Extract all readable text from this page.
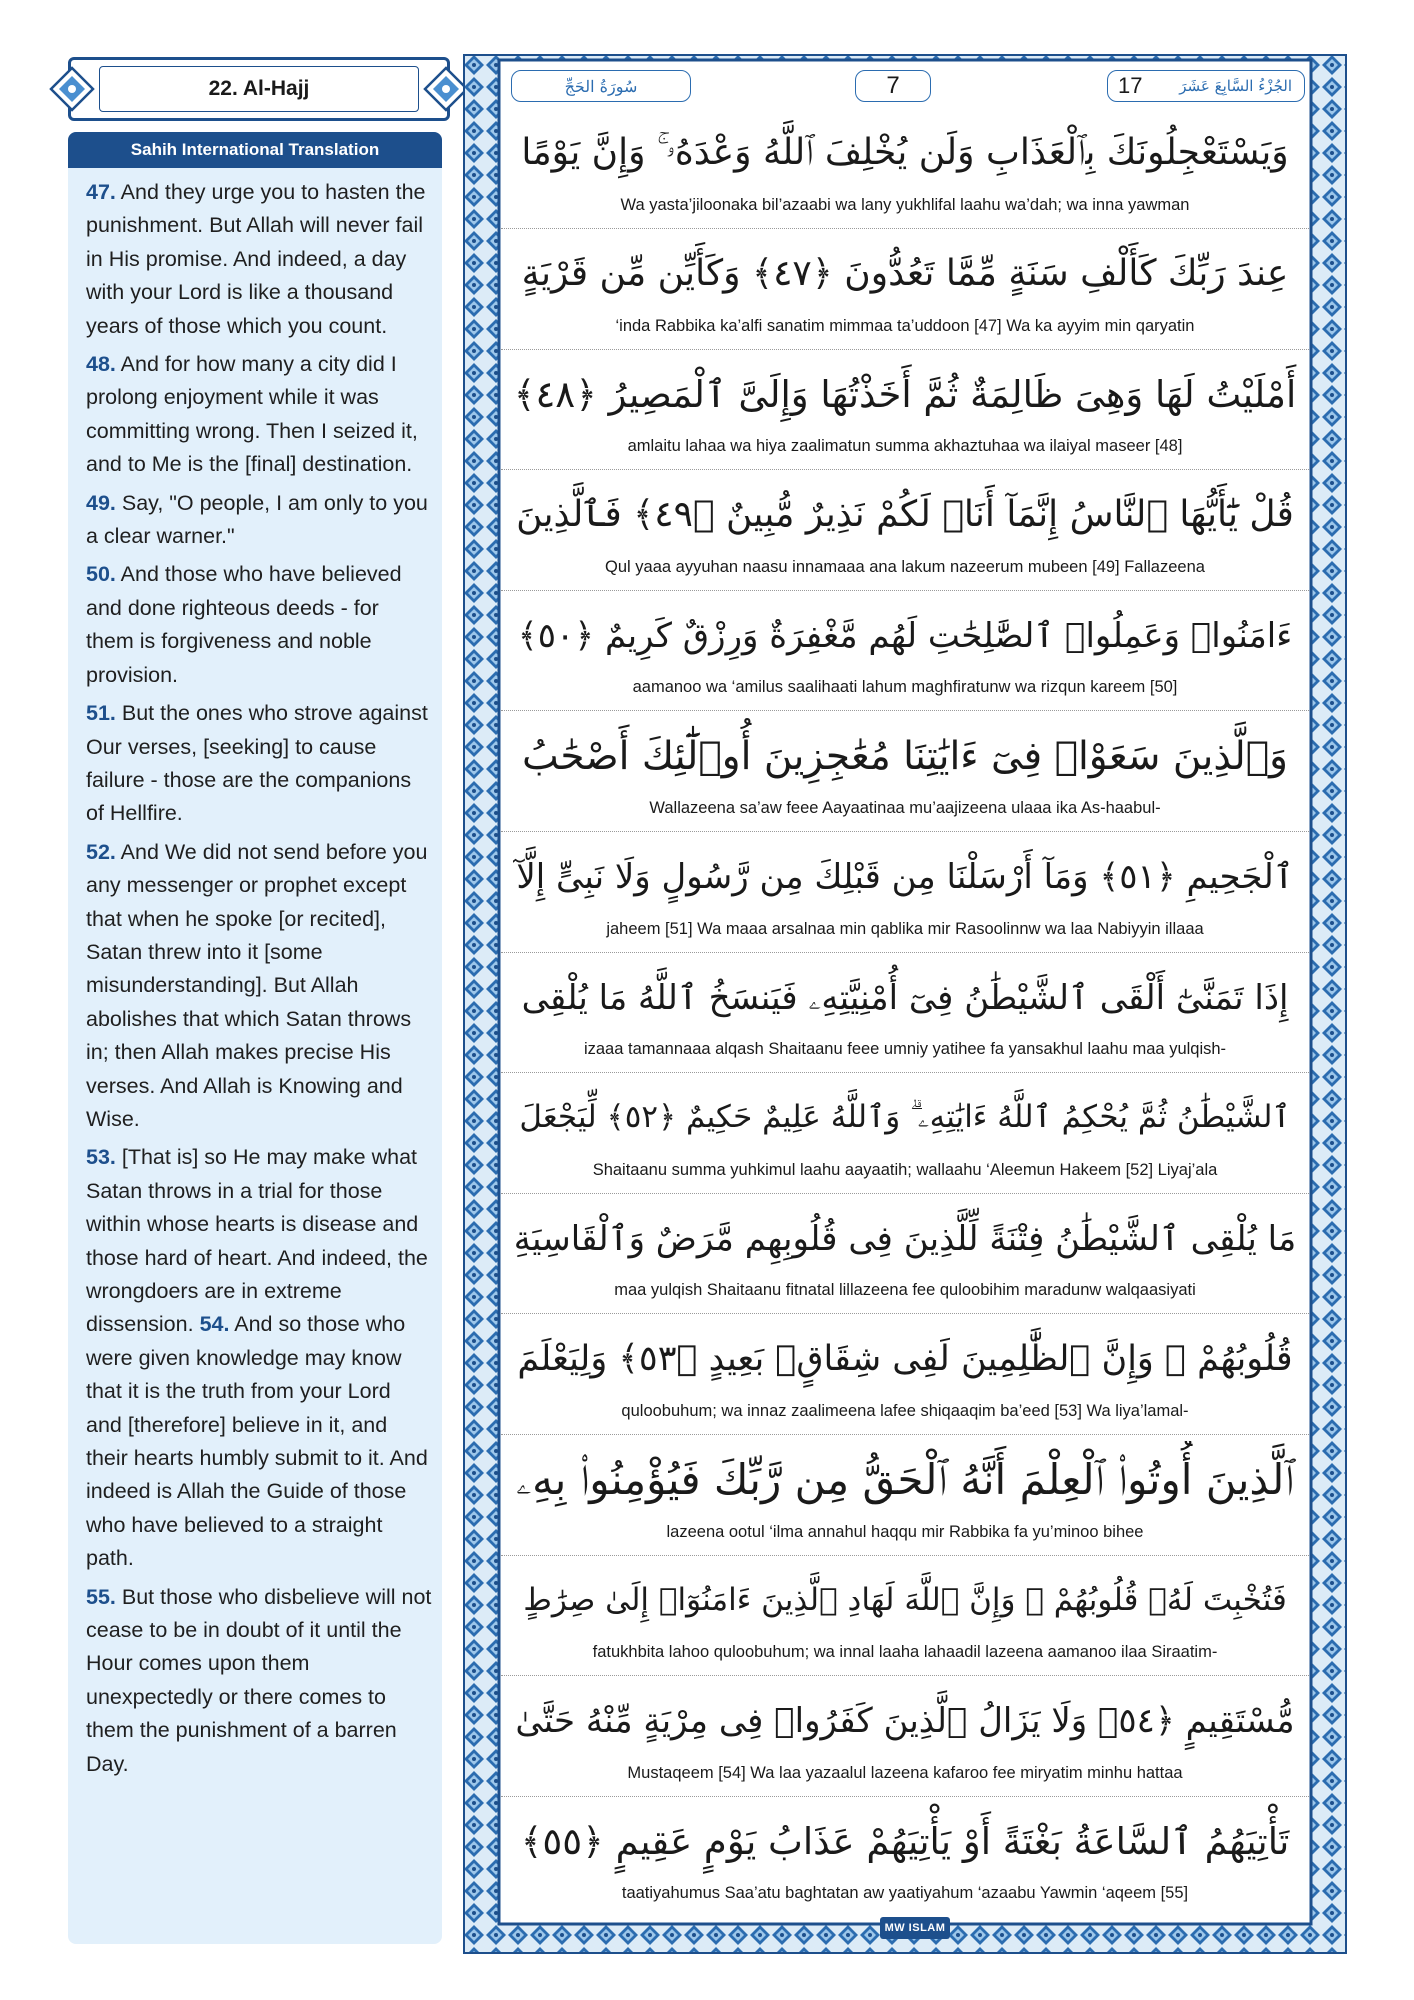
22. Al-Hajj
Sahih International Translation
47. And they urge you to hasten the punishment. But Allah will never fail in His promise. And indeed, a day with your Lord is like a thousand years of those which you count.
48. And for how many a city did I prolong enjoyment while it was committing wrong. Then I seized it, and to Me is the [final] destination.
49. Say, "O people, I am only to you a clear warner."
50. And those who have believed and done righteous deeds - for them is forgiveness and noble provision.
51. But the ones who strove against Our verses, [seeking] to cause failure - those are the companions of Hellfire.
52. And We did not send before you any messenger or prophet except that when he spoke [or recited], Satan threw into it [some misunderstanding]. But Allah abolishes that which Satan throws in; then Allah makes precise His verses. And Allah is Knowing and Wise.
53. [That is] so He may make what Satan throws in a trial for those within whose hearts is disease and those hard of heart. And indeed, the wrongdoers are in extreme dissension. 54. And so those who were given knowledge may know that it is the truth from your Lord and [therefore] believe in it, and their hearts humbly submit to it. And indeed is Allah the Guide of those who have believed to a straight path.
55. But those who disbelieve will not cease to be in doubt of it until the Hour comes upon them unexpectedly or there comes to them the punishment of a barren Day.
سُورَةُ الحَجِّ	7	17 الجُزْءُ السَّابِعَ عَشَرَ
وَيَسْتَعْجِلُونَكَ بِٱلْعَذَابِ وَلَن يُخْلِفَ ٱللَّهُ وَعْدَهُۥ ۚ وَإِنَّ يَوْمًا
Wa yasta’jiloonaka bil’azaabi wa lany yukhlifal laahu wa’dah; wa inna yawman
عِندَ رَبِّكَ كَأَلْفِ سَنَةٍ مِّمَّا تَعُدُّونَ ﴿٤٧﴾ وَكَأَيِّن مِّن قَرْيَةٍ
‘inda Rabbika ka’alfi sanatim mimmaa ta’uddoon [47] Wa ka ayyim min qaryatin
أَمْلَيْتُ لَهَا وَهِىَ ظَالِمَةٌ ثُمَّ أَخَذْتُهَا وَإِلَىَّ ٱلْمَصِيرُ ﴿٤٨﴾
amlaitu lahaa wa hiya zaalimatun summa akhaztuhaa wa ilaiyal maseer [48]
قُلْ يَٰٓأَيُّهَا ٱلنَّاسُ إِنَّمَآ أَنَا۠ لَكُمْ نَذِيرٌ مُّبِينٌ ﴿٤٩﴾ فَٱلَّذِينَ
Qul yaaa ayyuhan naasu innamaaa ana lakum nazeerum mubeen [49] Fallazeena
ءَامَنُوا۟ وَعَمِلُوا۟ ٱلصَّٰلِحَٰتِ لَهُم مَّغْفِرَةٌ وَرِزْقٌ كَرِيمٌ ﴿٥٠﴾
aamanoo wa ‘amilus saalihaati lahum maghfiratunw wa rizqun kareem [50]
وَٱلَّذِينَ سَعَوْا۟ فِىٓ ءَايَٰتِنَا مُعَٰجِزِينَ أُو۟لَٰٓئِكَ أَصْحَٰبُ
Wallazeena sa’aw feee Aayaatinaa mu’aajizeena ulaaa ika As-haabul-
ٱلْجَحِيمِ ﴿٥١﴾ وَمَآ أَرْسَلْنَا مِن قَبْلِكَ مِن رَّسُولٍ وَلَا نَبِىٍّ إِلَّآ
jaheem [51] Wa maaa arsalnaa min qablika mir Rasoolinnw wa laa Nabiyyin illaaa
إِذَا تَمَنَّىٰٓ أَلْقَى ٱلشَّيْطَٰنُ فِىٓ أُمْنِيَّتِهِۦ فَيَنسَخُ ٱللَّهُ مَا يُلْقِى
izaaa tamannaaa alqash Shaitaanu feee umniy yatihee fa yansakhul laahu maa yulqish-
ٱلشَّيْطَٰنُ ثُمَّ يُحْكِمُ ٱللَّهُ ءَايَٰتِهِۦ ۗ وَٱللَّهُ عَلِيمٌ حَكِيمٌ ﴿٥٢﴾ لِّيَجْعَلَ
Shaitaanu summa yuhkimul laahu aayaatih; wallaahu ‘Aleemun Hakeem [52] Liyaj’ala
مَا يُلْقِى ٱلشَّيْطَٰنُ فِتْنَةً لِّلَّذِينَ فِى قُلُوبِهِم مَّرَضٌ وَٱلْقَاسِيَةِ
maa yulqish Shaitaanu fitnatal lillazeena fee quloobihim maradunw walqaasiyati
قُلُوبُهُمْ ۗ وَإِنَّ ٱلظَّٰلِمِينَ لَفِى شِقَاقٍۭ بَعِيدٍ ﴿٥٣﴾ وَلِيَعْلَمَ
quloobuhum; wa innaz zaalimeena lafee shiqaaqim ba’eed [53] Wa liya’lamal-
ٱلَّذِينَ أُوتُوا۟ ٱلْعِلْمَ أَنَّهُ ٱلْحَقُّ مِن رَّبِّكَ فَيُؤْمِنُوا۟ بِهِۦ
lazeena ootul ‘ilma annahul haqqu mir Rabbika fa yu’minoo bihee
فَتُخْبِتَ لَهُۥ قُلُوبُهُمْ ۗ وَإِنَّ ٱللَّهَ لَهَادِ ٱلَّذِينَ ءَامَنُوٓا۟ إِلَىٰ صِرَٰطٍ
fatukhbita lahoo quloobuhum; wa innal laaha lahaadil lazeena aamanoo ilaa Siraatim-
مُّسْتَقِيمٍ ﴿٥٤﴾ وَلَا يَزَالُ ٱلَّذِينَ كَفَرُوا۟ فِى مِرْيَةٍ مِّنْهُ حَتَّىٰ
Mustaqeem [54] Wa laa yazaalul lazeena kafaroo fee miryatim minhu hattaa
تَأْتِيَهُمُ ٱلسَّاعَةُ بَغْتَةً أَوْ يَأْتِيَهُمْ عَذَابُ يَوْمٍ عَقِيمٍ ﴿٥٥﴾
taatiyahumus Saa’atu baghtatan aw yaatiyahum ‘azaabu Yawmin ‘aqeem [55]
MW ISLAM
